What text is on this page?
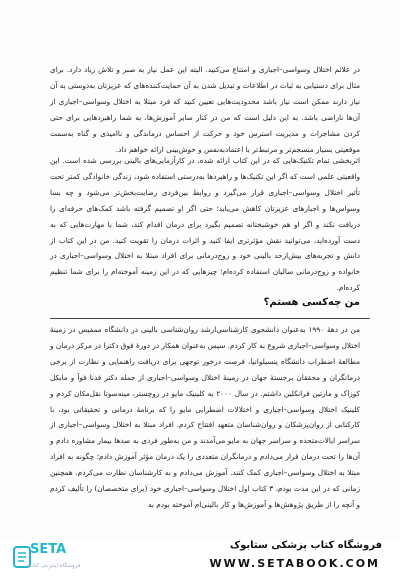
در علائم اختلال وسواسی–اجباری و امتناع می‌کنید. البته این عمل نیاز به صبر و تلاش زیاد دارد. برای مثال برای دستیابی به ثبات در اطلاعات و تبدیل شدن به آن حمایت‌کننده‌های که عزیزتان به‌دوستی به آن نیاز دارند ممکن است نیاز باشد محدودیت‌هایی تعیین کنید که فرد مبتلا به اختلال وسواسی–اجباری از آن‌ها ناراضی باشد. به این دلیل است که من در کنار سایر آموزش‌ها، به شما راهبردهایی برای حتی کردن مشاجرات و مدیریت استرس خود و حرکت از احساس درماندگی و ناامیدی و گناه به‌سمت موقعیتی بسیار منسجم‌تر و مرتبط‌تر با اعتمادبه‌نفس و خوش‌بینی ارائه خواهم داد.

اثربخشی تمام تکنیک‌هایی که در این کتاب ارائه شده، در کارآزمایی‌های بالینی بررسی شده است. این واقعیتی علمی است که اگر این تکنیک‌ها و راهبردها به‌درستی استفاده شود، زندگی خانوادگی کمتر تحت تأثیر اختلال وسواسی–اجباری قرار می‌گیرد و روابط بین‌فردی رضایت‌بخش‌تر می‌شود و چه بسا وسواس‌ها و اجبارهای عزیزتان کاهش می‌یابد؛ حتی اگر او تصمیم گرفته باشد کمک‌های حرفه‌ای را دریافت نکند و اگر او هم خوشبختانه تصمیم بگیرد برای درمان اقدام کند، شما با مهارت‌هایی که به دست آورده‌اید، می‌توانید نقش مؤثرتری ایفا کنید و اثرات درمان را تقویت کنید. من در این کتاب از دانش و تجربه‌های بیش‌ازحد بالینی خود و زوج‌درمانی برای افراد مبتلا به اختلال وسواسی–اجباری در خانواده و زوج‌درمانی سالیان استفاده کرده‌ام؛ چیزهایی که در این زمینه آموخته‌ام را برای شما تنظیم کرده‌ام.

من چه‌کسی هستم؟

من در دهۀ ۱۹۹۰ به‌عنوان دانشجوی کارشناسی‌ارشد روان‌شناسی بالینی در دانشگاه ممفیس در زمینۀ اختلال وسواسی–اجباری شروع به کار کردم. سپس به‌عنوان همکار در دورۀ فوق دکترا در مرکز درمان و مطالعۀ اضطراب دانشگاه پنسیلوانیا، فرصت درخور توجهی برای دریافت راهنمایی و نظارت از برخی درمانگران و محققان برجستۀ جهان در زمینۀ اختلال وسواسی–اجباری از جمله دکتر فدنا فوآ و مایکل کوزاک و مارتین فرانکلین داشتم. در سال ۲۰۰۰ به کلینیک مایو در روچستر، مینه‌سوتا نقل‌مکان کردم و کلینیک اختلال وسواسی–اجباری و اختلالات اضطرابی مایو را که برنامۀ درمانی و تحقیقاتی بود، با کارکنانی از روان‌پزشکان و روان‌شناسان متعهد افتتاح کردم. افراد مبتلا به اختلال وسواسی–اجباری از سراسر ایالات‌متحده و سراسر جهان به مایو می‌آمدند و من به‌طور فردی به صدها بیمار مشاوره دادم و آن‌ها را تحت درمان قرار می‌دادم و درمانگران متعددی را یک درمان مؤثر آموزش دادم؛ چگونه به افراد مبتلا به اختلال وسواسی–اجباری کمک کنند. آموزش می‌دادم و به کارشناسان نظارت می‌کردم. همچنین زمانی که در این مدت بودم، ۳ کتاب اول اختلال وسواسی–اجباری خود (برای متخصصان) را تألیف کردم و آنچه را از طریق پژوهش‌ها و آموزش‌ها و کار بالینی‌ام آموخته بودم به

SETA
فروشگاه اینترنتی کتاب
فروشگاه کتاب پزشکی ستابوک
WWW.SETABOOK.COM
